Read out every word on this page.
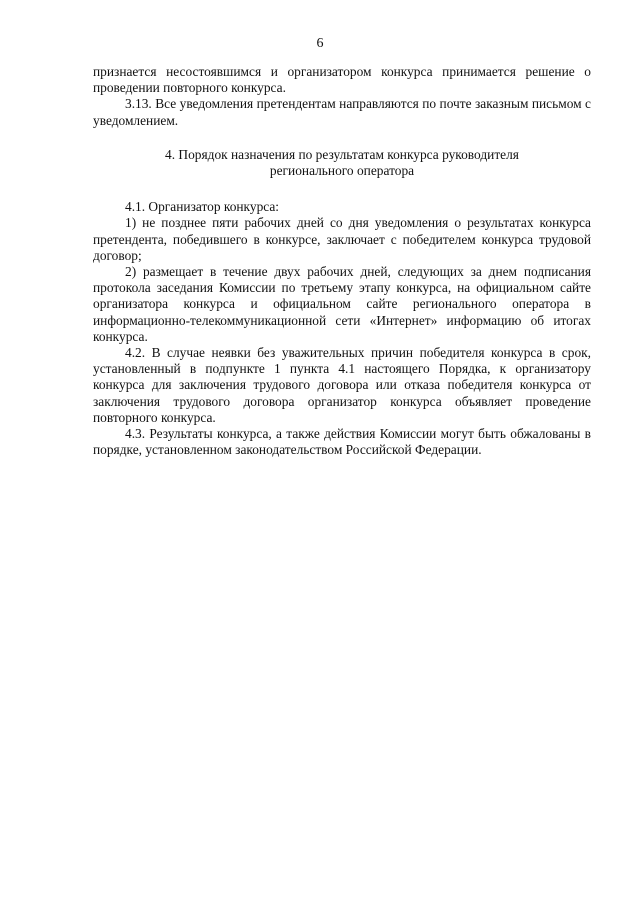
6

признается несостоявшимся и организатором конкурса принимается решение о проведении повторного конкурса.

3.13. Все уведомления претендентам направляются по почте заказным письмом с уведомлением.

4. Порядок назначения по результатам конкурса руководителя
регионального оператора

4.1. Организатор конкурса:

1) не позднее пяти рабочих дней со дня уведомления о результатах конкурса претендента, победившего в конкурсе, заключает с победителем конкурса трудовой договор;

2) размещает в течение двух рабочих дней, следующих за днем подписания протокола заседания Комиссии по третьему этапу конкурса, на официальном сайте организатора конкурса и официальном сайте регионального оператора в информационно-телекоммуникационной сети «Интернет» информацию об итогах конкурса.

4.2. В случае неявки без уважительных причин победителя конкурса в срок, установленный в подпункте 1 пункта 4.1 настоящего Порядка, к организатору конкурса для заключения трудового договора или отказа победителя конкурса от заключения трудового договора организатор конкурса объявляет проведение повторного конкурса.

4.3. Результаты конкурса, а также действия Комиссии могут быть обжалованы в порядке, установленном законодательством Российской Федерации.
